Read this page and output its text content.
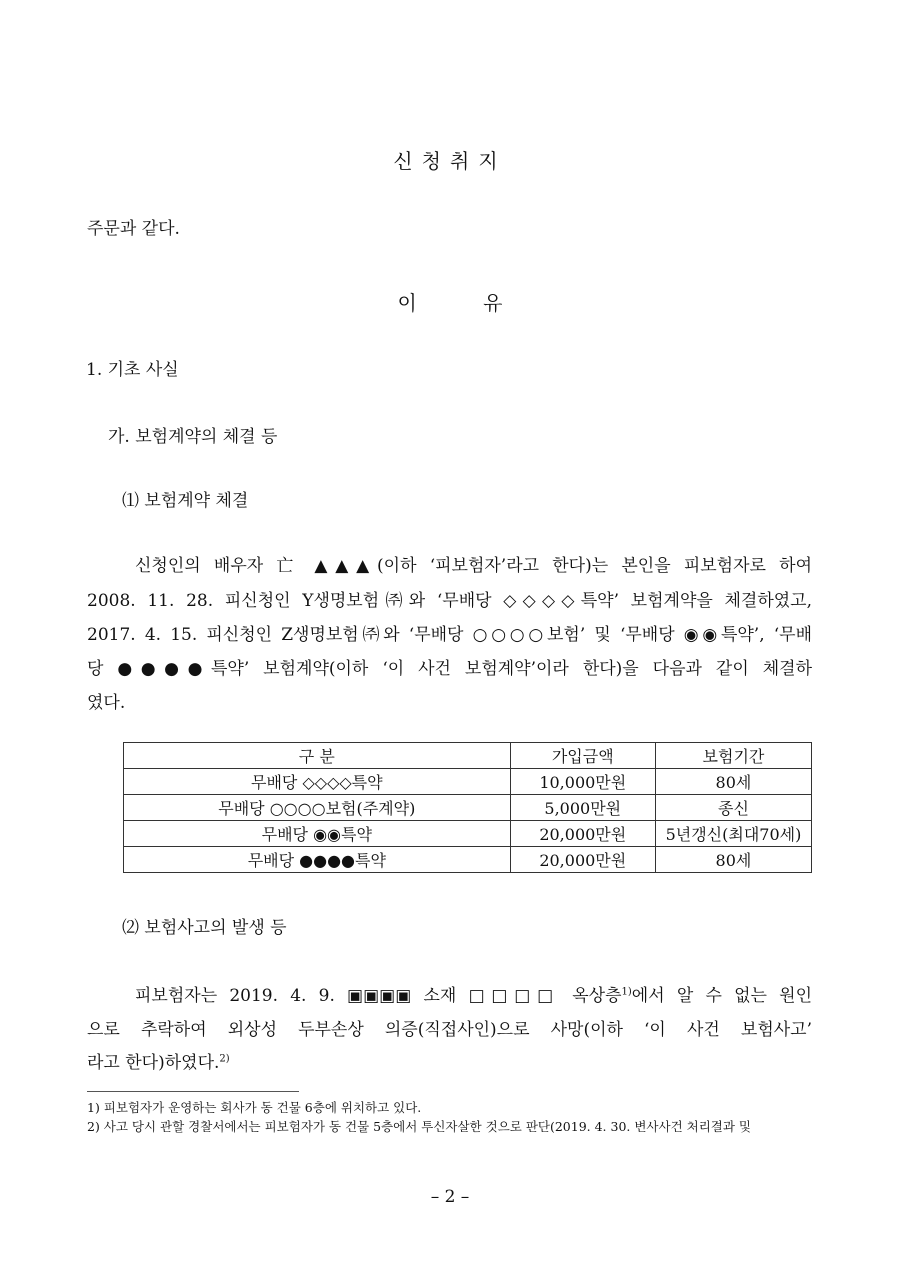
신청취지
주문과 같다.
이 유
1. 기초 사실
가. 보험계약의 체결 등
⑴ 보험계약 체결
신청인의 배우자 亡 ▲▲▲(이하 ‘피보험자’라고 한다)는 본인을 피보험자로 하여
2008. 11. 28. 피신청인 Y생명보험㈜와 ‘무배당 ◇◇◇◇특약’ 보험계약을 체결하였고,
2017. 4. 15. 피신청인 Z생명보험㈜와 ‘무배당 ○○○○보험’ 및 ‘무배당 ◉◉특약’, ‘무배
당 ●●●●특약’ 보험계약(이하 ‘이 사건 보험계약’이라 한다)을 다음과 같이 체결하
였다.
구 분	가입금액	보험기간
무배당 ◇◇◇◇특약	10,000만원	80세
무배당 ○○○○보험(주계약)	5,000만원	종신
무배당 ◉◉특약	20,000만원	5년갱신(최대70세)
무배당 ●●●●특약	20,000만원	80세
⑵ 보험사고의 발생 등
피보험자는 2019. 4. 9. ▣▣▣▣ 소재 □□□□ 옥상층$^{1)}$에서 알 수 없는 원인
으로 추락하여 외상성 두부손상 의증(직접사인)으로 사망(이하 ‘이 사건 보험사고’
라고 한다)하였다.$^{2)}$
1) 피보험자가 운영하는 회사가 동 건물 6층에 위치하고 있다.
2) 사고 당시 관할 경찰서에서는 피보험자가 동 건물 5층에서 투신자살한 것으로 판단(2019. 4. 30. 변사사건 처리결과 및
– 2 –
